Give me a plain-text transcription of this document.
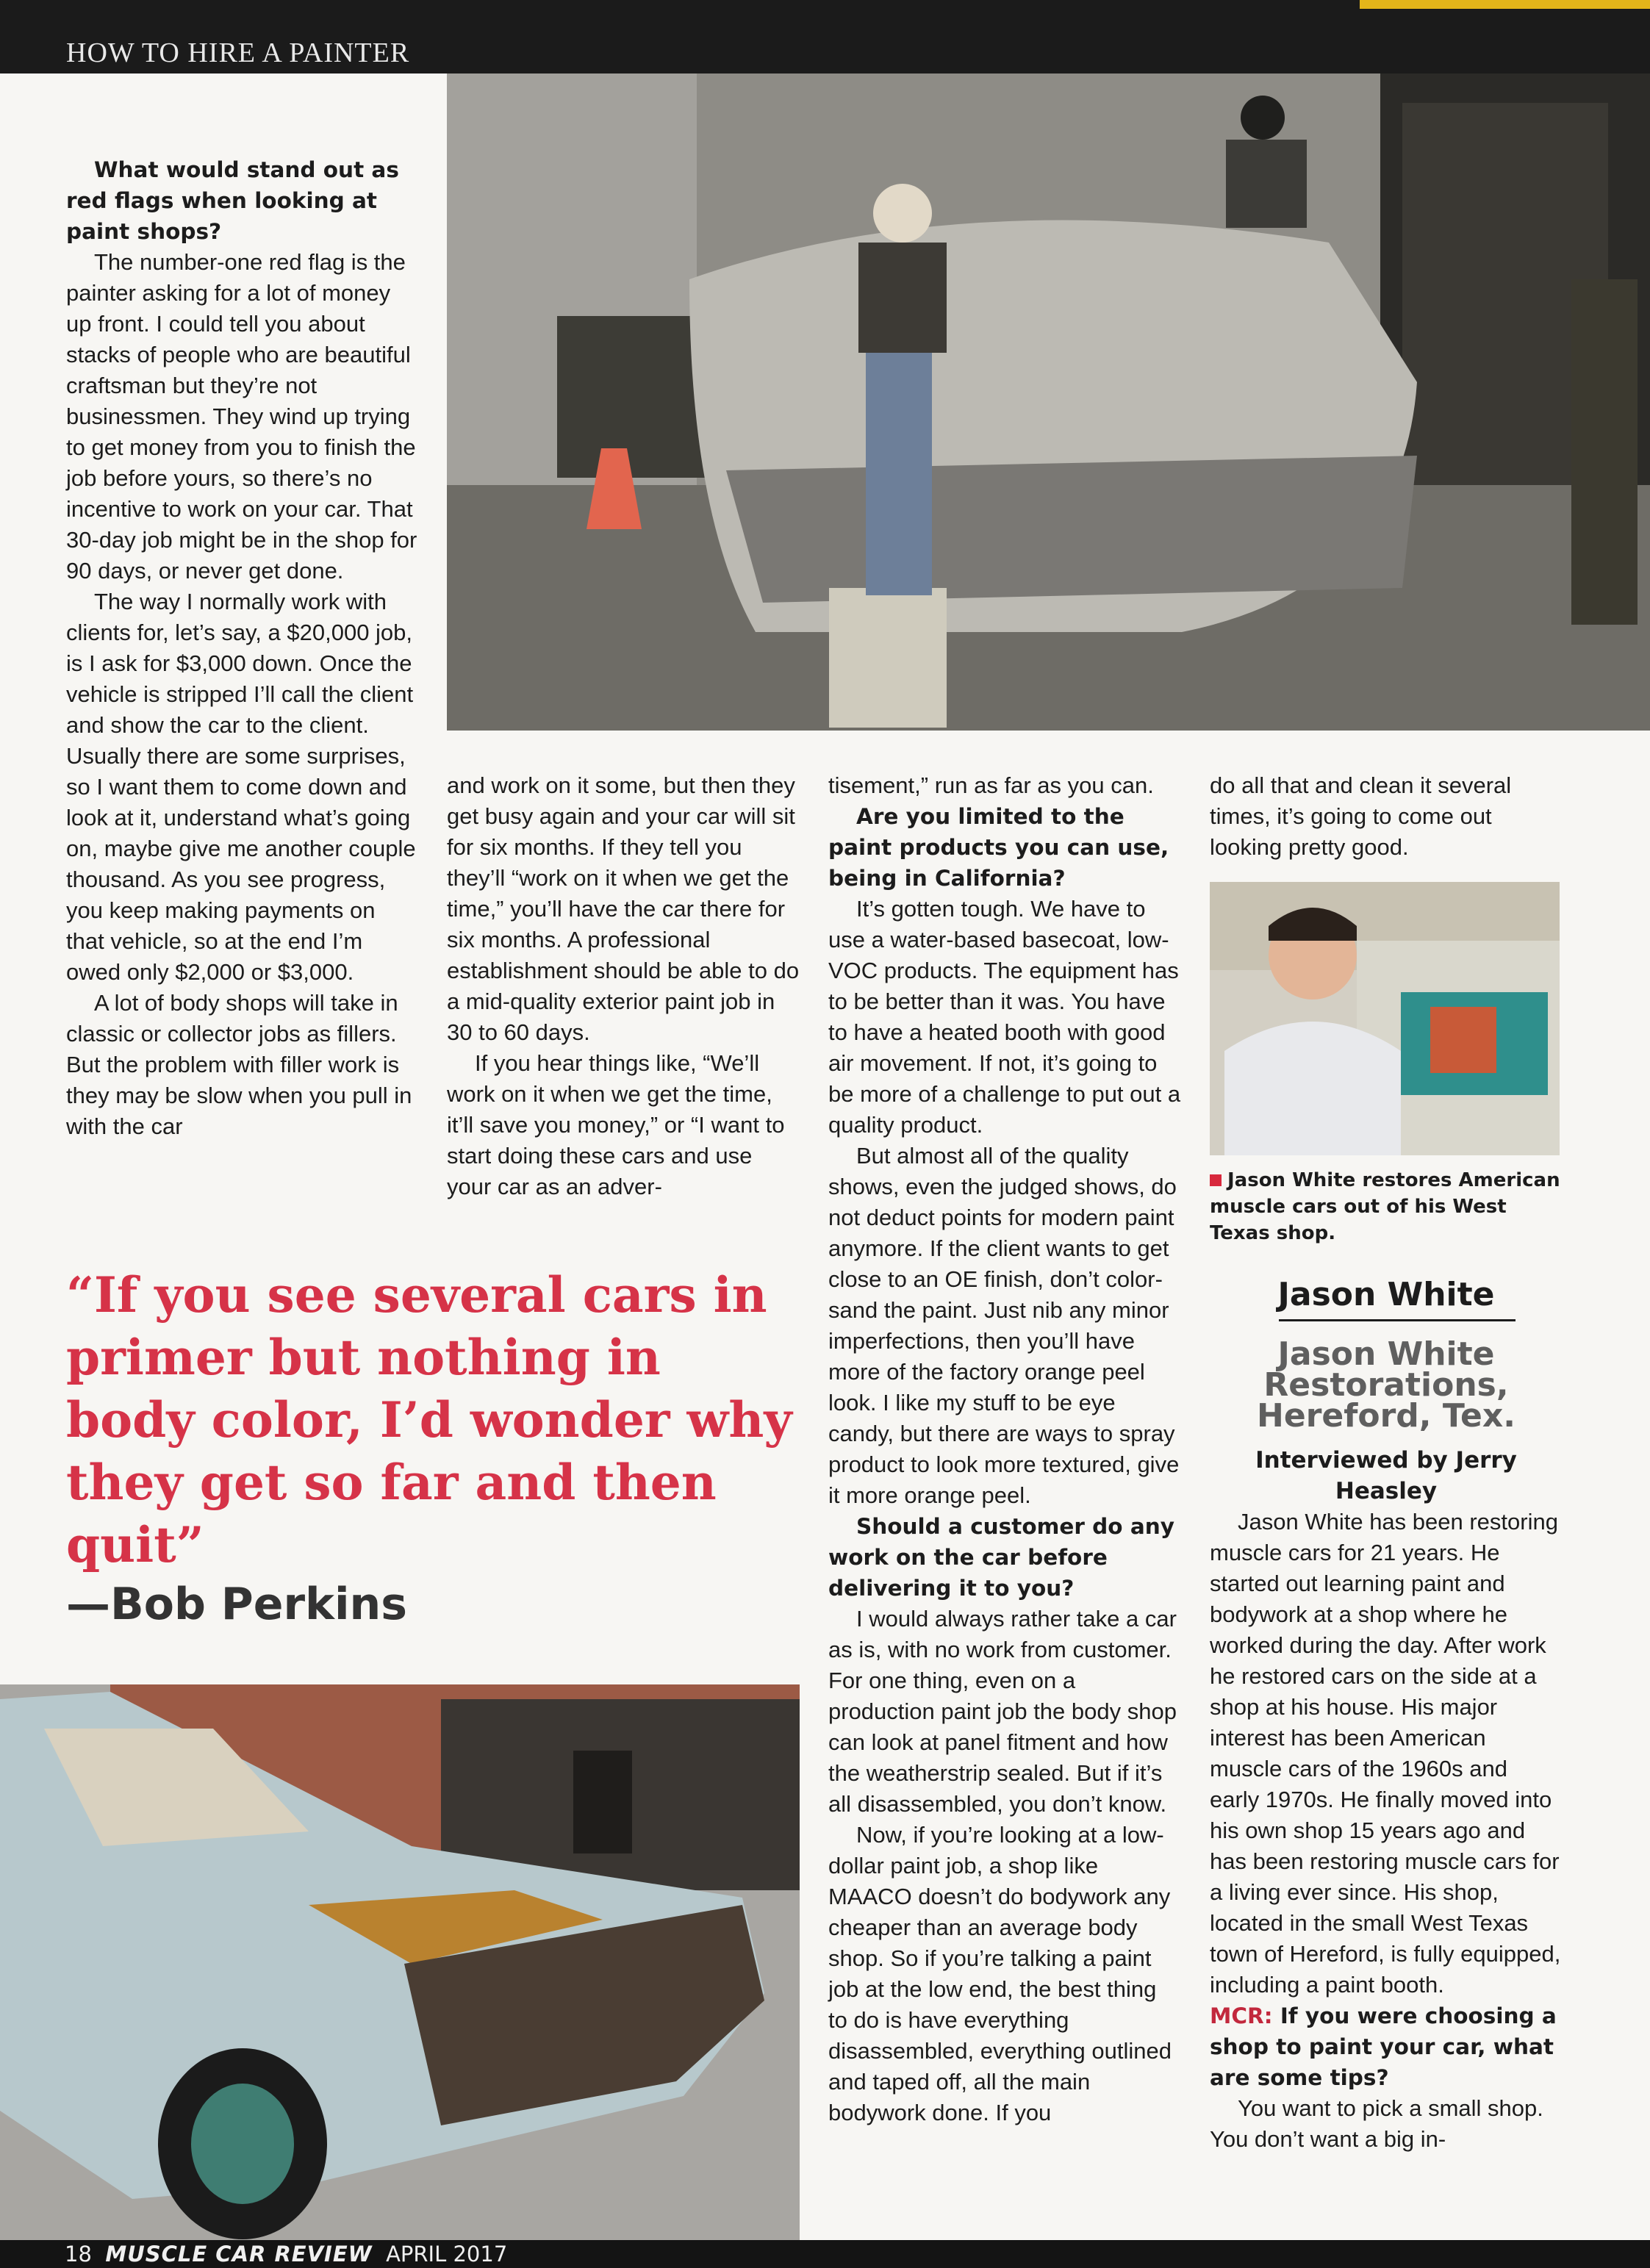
HOW TO HIRE A PAINTER

What would stand out as red flags when looking at paint shops?

The number-one red flag is the painter asking for a lot of money up front. I could tell you about stacks of people who are beautiful craftsman but they’re not businessmen. They wind up trying to get money from you to finish the job before yours, so there’s no incentive to work on your car. That 30-day job might be in the shop for 90 days, or never get done.

The way I normally work with clients for, let’s say, a $20,000 job, is I ask for $3,000 down. Once the vehicle is stripped I’ll call the client and show the car to the client. Usually there are some surprises, so I want them to come down and look at it, understand what’s going on, maybe give me another couple thousand. As you see progress, you keep making payments on that vehicle, so at the end I’m owed only $2,000 or $3,000.

A lot of body shops will take in classic or collector jobs as fillers. But the problem with filler work is they may be slow when you pull in with the car

and work on it some, but then they get busy again and your car will sit for six months. If they tell you they’ll “work on it when we get the time,” you’ll have the car there for six months. A professional establishment should be able to do a mid-quality exterior paint job in 30 to 60 days.

If you hear things like, “We’ll work on it when we get the time, it’ll save you money,” or “I want to start doing these cars and use your car as an adver-

tisement,” run as far as you can.

Are you limited to the paint products you can use, being in California?

It’s gotten tough. We have to use a water-based basecoat, low-VOC products. The equipment has to be better than it was. You have to have a heated booth with good air movement. If not, it’s going to be more of a challenge to put out a quality product.

But almost all of the quality shows, even the judged shows, do not deduct points for modern paint anymore. If the client wants to get close to an OE finish, don’t color-sand the paint. Just nib any minor imperfections, then you’ll have more of the factory orange peel look. I like my stuff to be eye candy, but there are ways to spray product to look more textured, give it more orange peel.

Should a customer do any work on the car before delivering it to you?

I would always rather take a car as is, with no work from customer. For one thing, even on a production paint job the body shop can look at panel fitment and how the weatherstrip sealed. But if it’s all disassembled, you don’t know.

Now, if you’re looking at a low-dollar paint job, a shop like MAACO doesn’t do bodywork any cheaper than an average body shop. So if you’re talking a paint job at the low end, the best thing to do is have everything disassembled, everything outlined and taped off, all the main bodywork done. If you

do all that and clean it several times, it’s going to come out looking pretty good.

Jason White restores American muscle cars out of his West Texas shop.
Jason White
Jason White Restorations, Hereford, Tex.
Interviewed by Jerry Heasley

Jason White has been restoring muscle cars for 21 years. He started out learning paint and bodywork at a shop where he worked during the day. After work he restored cars on the side at a shop at his house. His major interest has been American muscle cars of the 1960s and early 1970s. He finally moved into his own shop 15 years ago and has been restoring muscle cars for a living ever since. His shop, located in the small West Texas town of Hereford, is fully equipped, including a paint booth.

MCR: If you were choosing a shop to paint your car, what are some tips?

You want to pick a small shop. You don’t want a big in-

“If you see several cars in primer but nothing in body color, I’d wonder why they get so far and then quit”
—Bob Perkins
18 MUSCLE CAR REVIEW APRIL 2017
